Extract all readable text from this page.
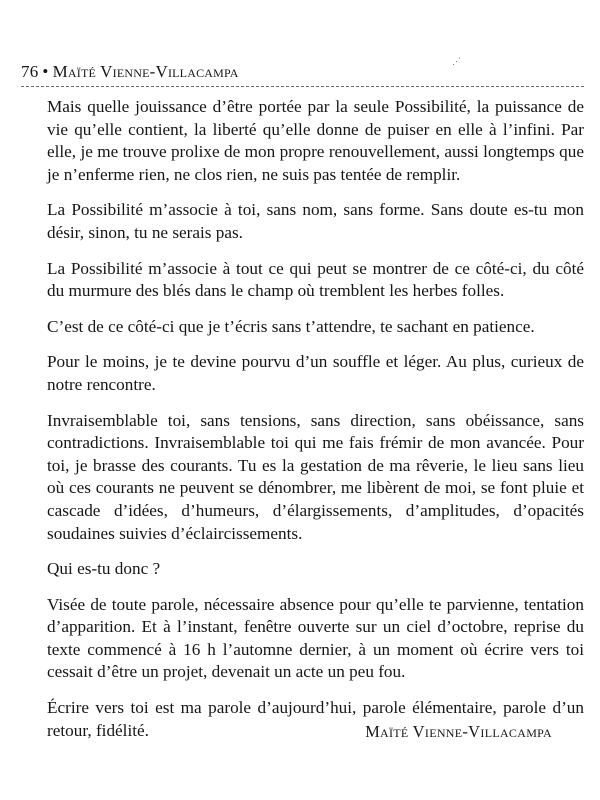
76 • Maïté Vienne-Villacampa
⋰

Mais quelle jouissance d’être portée par la seule Possibilité, la puissance de vie qu’elle contient, la liberté qu’elle donne de puiser en elle à l’infini. Par elle, je me trouve prolixe de mon propre renouvellement, aussi longtemps que je n’enferme rien, ne clos rien, ne suis pas tentée de remplir.

La Possibilité m’associe à toi, sans nom, sans forme. Sans doute es-tu mon désir, sinon, tu ne serais pas.

La Possibilité m’associe à tout ce qui peut se montrer de ce côté-ci, du côté du murmure des blés dans le champ où tremblent les herbes folles.

C’est de ce côté-ci que je t’écris sans t’attendre, te sachant en patience.

Pour le moins, je te devine pourvu d’un souffle et léger. Au plus, curieux de notre rencontre.

Invraisemblable toi, sans tensions, sans direction, sans obéissance, sans contradictions. Invraisemblable toi qui me fais frémir de mon avancée. Pour toi, je brasse des courants. Tu es la gestation de ma rêverie, le lieu sans lieu où ces courants ne peuvent se dénombrer, me libèrent de moi, se font pluie et cascade d’idées, d’humeurs, d’élargissements, d’amplitudes, d’opacités soudaines suivies d’éclaircissements.

Qui es-tu donc ?

Visée de toute parole, nécessaire absence pour qu’elle te parvienne, tentation d’apparition. Et à l’instant, fenêtre ouverte sur un ciel d’octobre, reprise du texte commencé à 16 h l’automne dernier, à un moment où écrire vers toi cessait d’être un projet, devenait un acte un peu fou.

Écrire vers toi est ma parole d’aujourd’hui, parole élémentaire, parole d’un retour, fidélité.	Maïté Vienne-Villacampa
